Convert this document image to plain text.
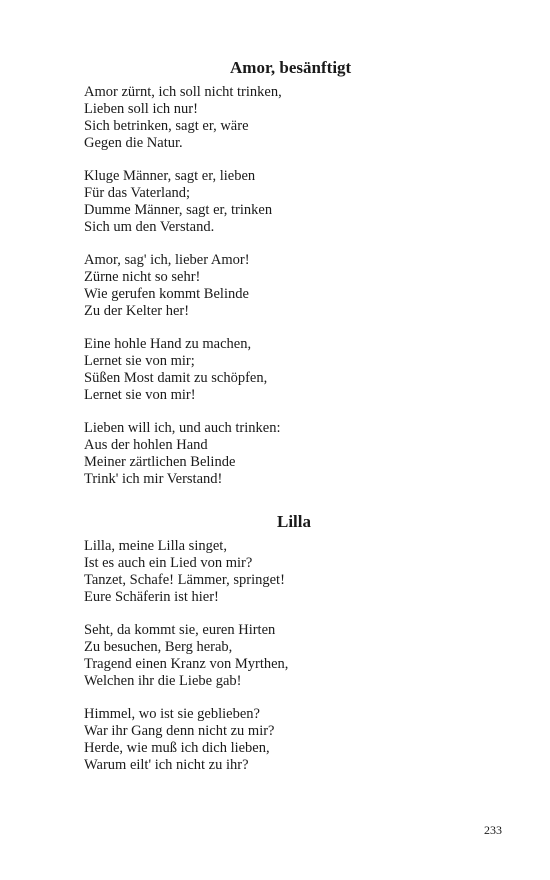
Amor, besänftigt

Amor zürnt, ich soll nicht trinken,
Lieben soll ich nur!
Sich betrinken, sagt er, wäre
Gegen die Natur.

Kluge Männer, sagt er, lieben
Für das Vaterland;
Dumme Männer, sagt er, trinken
Sich um den Verstand.

Amor, sag' ich, lieber Amor!
Zürne nicht so sehr!
Wie gerufen kommt Belinde
Zu der Kelter her!

Eine hohle Hand zu machen,
Lernet sie von mir;
Süßen Most damit zu schöpfen,
Lernet sie von mir!

Lieben will ich, und auch trinken:
Aus der hohlen Hand
Meiner zärtlichen Belinde
Trink' ich mir Verstand!

Lilla

Lilla, meine Lilla singet,
Ist es auch ein Lied von mir?
Tanzet, Schafe! Lämmer, springet!
Eure Schäferin ist hier!

Seht, da kommt sie, euren Hirten
Zu besuchen, Berg herab,
Tragend einen Kranz von Myrthen,
Welchen ihr die Liebe gab!

Himmel, wo ist sie geblieben?
War ihr Gang denn nicht zu mir?
Herde, wie muß ich dich lieben,
Warum eilt' ich nicht zu ihr?

233
